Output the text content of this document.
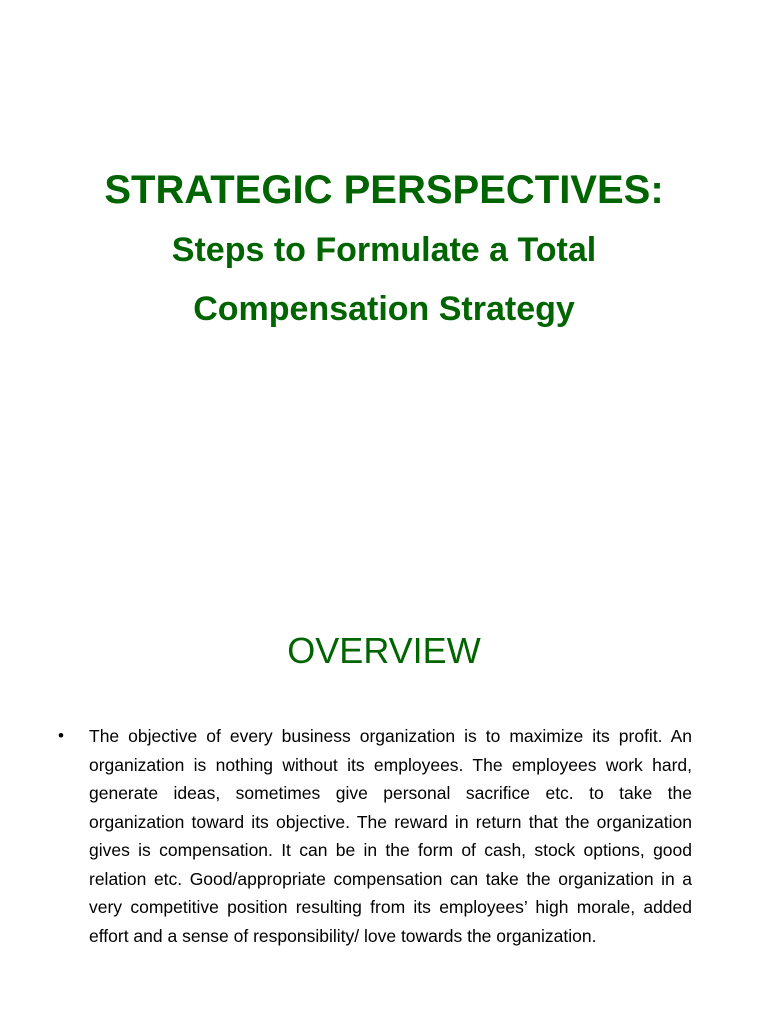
STRATEGIC PERSPECTIVES:
Steps to Formulate a Total
Compensation Strategy
OVERVIEW
•	The objective of every business organization is to maximize its profit. An organization is nothing without its employees. The employees work hard, generate ideas, sometimes give personal sacrifice etc. to take the organization toward its objective. The reward in return that the organization gives is compensation. It can be in the form of cash, stock options, good relation etc. Good/appropriate compensation can take the organization in a very competitive position resulting from its employees’ high morale, added effort and a sense of responsibility/ love towards the organization.
